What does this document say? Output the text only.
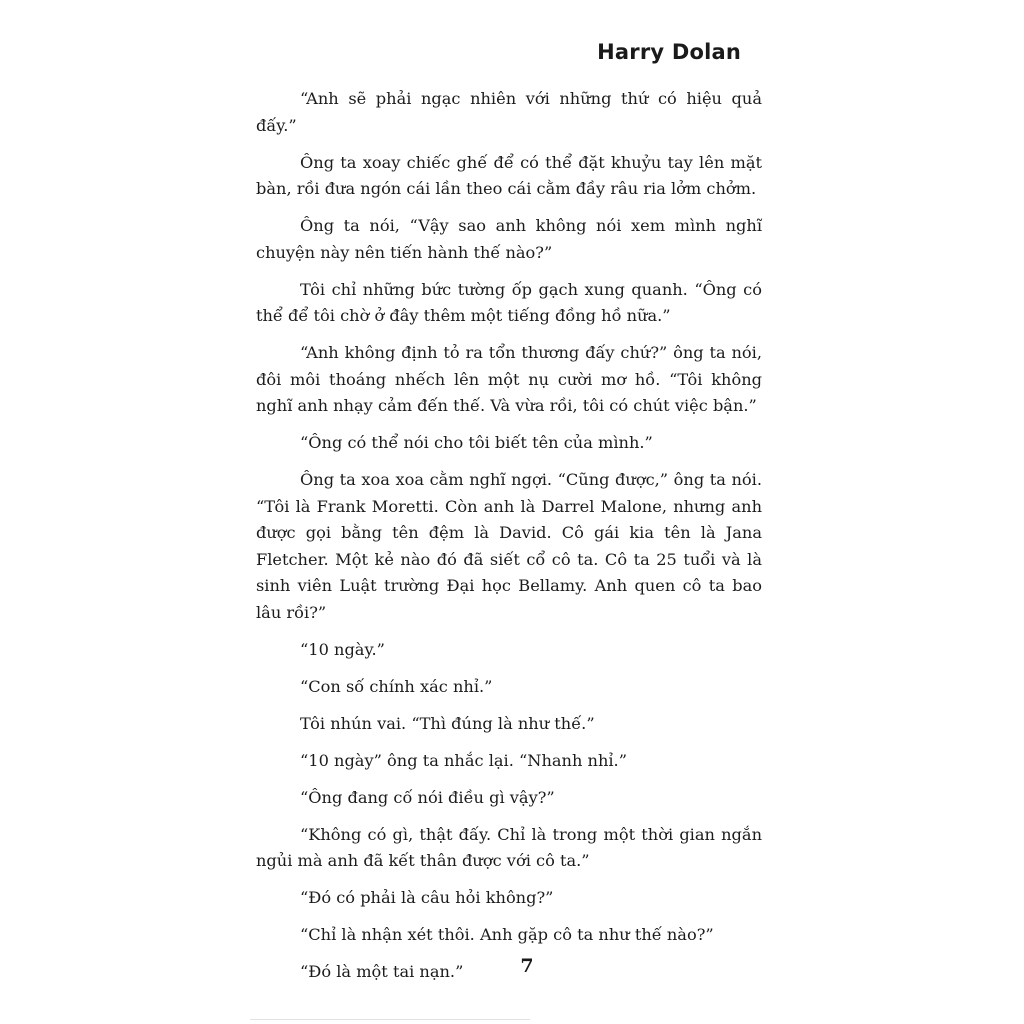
Harry Dolan

“Anh sẽ phải ngạc nhiên với những thứ có hiệu quả đấy.”

Ông ta xoay chiếc ghế để có thể đặt khuỷu tay lên mặt bàn, rồi đưa ngón cái lần theo cái cằm đầy râu ria lởm chởm.

Ông ta nói, “Vậy sao anh không nói xem mình nghĩ chuyện này nên tiến hành thế nào?”

Tôi chỉ những bức tường ốp gạch xung quanh. “Ông có thể để tôi chờ ở đây thêm một tiếng đồng hồ nữa.”

“Anh không định tỏ ra tổn thương đấy chứ?” ông ta nói, đôi môi thoáng nhếch lên một nụ cười mơ hồ. “Tôi không nghĩ anh nhạy cảm đến thế. Và vừa rồi, tôi có chút việc bận.”

“Ông có thể nói cho tôi biết tên của mình.”

Ông ta xoa xoa cằm nghĩ ngợi. “Cũng được,” ông ta nói. “Tôi là Frank Moretti. Còn anh là Darrel Malone, nhưng anh được gọi bằng tên đệm là David. Cô gái kia tên là Jana Fletcher. Một kẻ nào đó đã siết cổ cô ta. Cô ta 25 tuổi và là sinh viên Luật trường Đại học Bellamy. Anh quen cô ta bao lâu rồi?”

“10 ngày.”

“Con số chính xác nhỉ.”

Tôi nhún vai. “Thì đúng là như thế.”

“10 ngày” ông ta nhắc lại. “Nhanh nhỉ.”

“Ông đang cố nói điều gì vậy?”

“Không có gì, thật đấy. Chỉ là trong một thời gian ngắn ngủi mà anh đã kết thân được với cô ta.”

“Đó có phải là câu hỏi không?”

“Chỉ là nhận xét thôi. Anh gặp cô ta như thế nào?”

“Đó là một tai nạn.”	7
